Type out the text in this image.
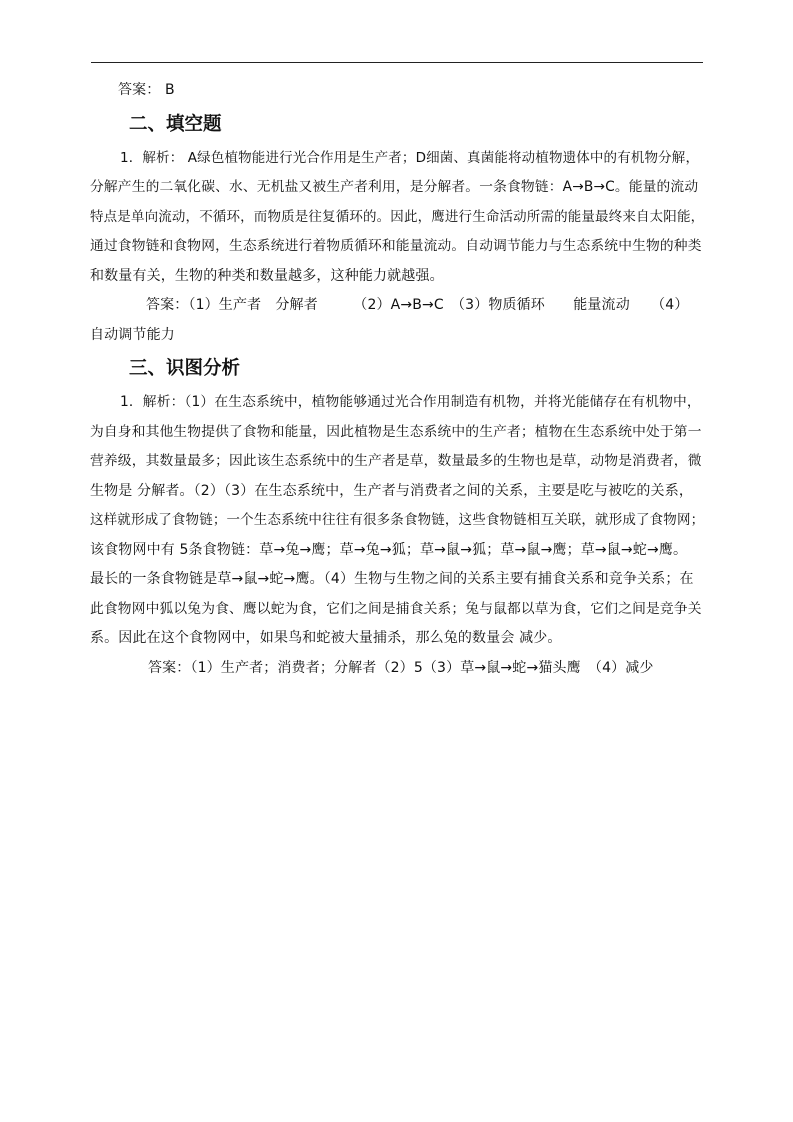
答案： B
二、填空题
1．解析： A绿色植物能进行光合作用是生产者；D细菌、真菌能将动植物遗体中的有机物分解，
分解产生的二氧化碳、水、无机盐又被生产者利用，是分解者。一条食物链：A→B→C。能量的流动
特点是单向流动，不循环，而物质是往复循环的。因此，鹰进行生命活动所需的能量最终来自太阳能，
通过食物链和食物网，生态系统进行着物质循环和能量流动。自动调节能力与生态系统中生物的种类
和数量有关，生物的种类和数量越多，这种能力就越强。
答案：（1）生产者　分解者　　　（2）A→B→C　（3）物质循环　　能量流动　　（4）
自动调节能力
三、识图分析
1．解析：（1）在生态系统中，植物能够通过光合作用制造有机物，并将光能储存在有机物中，
为自身和其他生物提供了食物和能量，因此植物是生态系统中的生产者；植物在生态系统中处于第一
营养级，其数量最多；因此该生态系统中的生产者是草，数量最多的生物也是草，动物是消费者，微
生物是 分解者。（2）（3）在生态系统中，生产者与消费者之间的关系，主要是吃与被吃的关系，
这样就形成了食物链；一个生态系统中往往有很多条食物链，这些食物链相互关联，就形成了食物网；
该食物网中有 5条食物链：草→兔→鹰；草→兔→狐；草→鼠→狐；草→鼠→鹰；草→鼠→蛇→鹰。
最长的一条食物链是草→鼠→蛇→鹰。（4）生物与生物之间的关系主要有捕食关系和竞争关系；在
此食物网中狐以兔为食、鹰以蛇为食，它们之间是捕食关系；兔与鼠都以草为食，它们之间是竞争关
系。因此在这个食物网中，如果鸟和蛇被大量捕杀，那么兔的数量会 减少。
答案：（1）生产者；消费者；分解者（2）5（3）草→鼠→蛇→猫头鹰　（4）减少
